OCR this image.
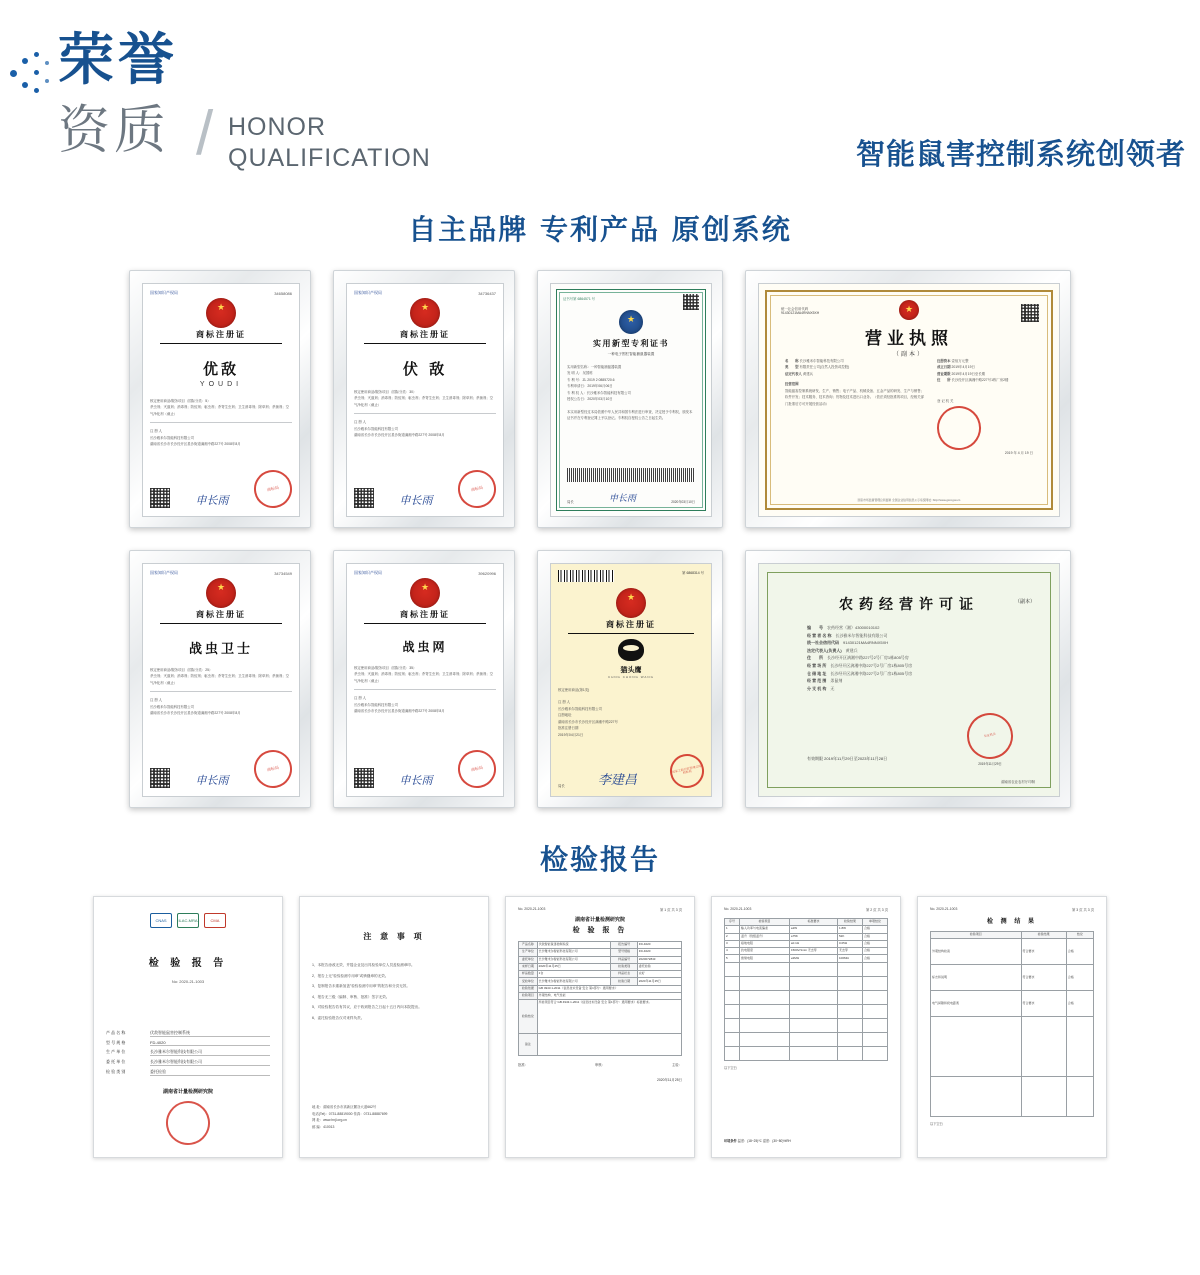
荣誉
资质 / HONOR
QUALIFICATION	智能鼠害控制系统创领者
自主品牌 专利产品 原创系统
国家知识产权局	34658086
★
商标注册证
优敌
YOUDI
核定使用商品/服务项目（国际分类：5）
杀虫剂；灭鼠剂；消毒剂；防蛀剂；驱虫剂；杀寄生虫剂；卫生消毒剂；除草剂；杀菌剂；空气净化剂（截止）
注 册 人
长沙雅米尔智能科技有限公司
湖南省长沙市长沙经开区星沙街道漓湘中路227号 2008年8月
申长雨
商标局
国家知识产权局	34736437
★
商标注册证
伏 敌
核定使用商品/服务项目（国际分类：30）
杀虫剂；灭鼠剂；消毒剂；防蛀剂；驱虫剂；杀寄生虫剂；卫生消毒剂；除草剂；杀菌剂；空气净化剂（截止）
注 册 人
长沙雅米尔智能科技有限公司
湖南省长沙市长沙经开区星沙街道漓湘中路227号 2008年8月
申长雨
商标局
证书号第 6864571 号
★
实用新型专利证书
一种电子围栏智能捕鼠器装置
实用新型名称：一种智能捕鼠器装置
发 明 人：吴国栋
专 利 号：ZL 2019 2 0885720.6
专利申请日：2019年06月06日
专 利 权 人：长沙雅米尔智能科技有限公司
授权公告日：2020年03月10日
本实用新型经过本局依照中华人民共和国专利法进行审查，决定授予专利权，颁发本证书并在专利登记簿上予以登记。专利权自授权公告之日起生效。
局长	申长雨	2020年03月10日
统一社会信用代码
91430121MA4RNNX5XH
★
营业执照
（副本）
名　　称 长沙雅米尔智能科技有限公司
类　　型 有限责任公司(自然人投资或控股)
法定代表人 黄建兵
经营范围
智能鼠害控制系统研发、生产、销售；电子产品、机械设备、五金产品的研发、生产与销售；软件开发；技术服务、技术咨询；货物及技术进出口业务。（依法须经批准的项目，经相关部门批准后方可开展经营活动）
注册资本 壹佰万元整
成立日期 2019年4月19日
营业期限 2019年4月19日至长期
住　　所 长沙经开区漓湘中路227号1栋厂房2楼
登 记 机 关

2019 年 4 月 19 日
国家市场监督管理总局监制 全国企业信用信息公示系统网址: http://www.gsxt.gov.cn
国家知识产权局	34734549
★
商标注册证
战虫卫士
核定使用商品/服务项目（国际分类：25）
杀虫剂；灭鼠剂；消毒剂；防蛀剂；驱虫剂；杀寄生虫剂；卫生消毒剂；除草剂；杀菌剂；空气净化剂（截止）
注 册 人
长沙雅米尔智能科技有限公司
湖南省长沙市长沙经开区星沙街道漓湘中路227号 2008年8月
申长雨
商标局
国家知识产权局	39620996
★
商标注册证
战虫网
核定使用商品/服务项目（国际分类：35）
杀虫剂；灭鼠剂；消毒剂；防蛀剂；驱虫剂；杀寄生虫剂；卫生消毒剂；除草剂；杀菌剂；空气净化剂（截止）
注 册 人
长沙雅米尔智能科技有限公司
湖南省长沙市长沙经开区星沙街道漓湘中路227号 2008年8月
申长雨
商标局
第 6868314 号
★
商标注册证
猫头鹰
CHNG CHONG WANG
核定使用商品(第1类)
注 册 人
长沙雅米尔智能科技有限公司
注册地址
湖南省长沙市长沙经开区漓湘中路227号
批准注册日期
2019年04月21日
局长	李建昌
国家工商行政管理总局商标局
农药经营许可证	（副本）
编　　号　 农药经营（湘）43000010102
经 营 者 名 称　 长沙雅米尔智能科技有限公司
统一社会信用代码　 91430121MA4RNNX5XH
法定代表人(负责人)　 黄建兵
住　　所　 长沙经开区漓湘中路227号2号厂房1栋805号房
经 营 场 所　 长沙经开区漓湘中路227号2号厂房1栋805号房
仓 储 地 址　 长沙经开区漓湘中路227号2号厂房1栋805号房
经 营 范 围　 杀鼠剂
分 支 机 构　 无
有效期限 2019年11月29日至2023年11月28日
发证机关
2019年11月29日
湖南省农业农村厅印制
检验报告
CNAS	ILAC-MRA	CMA
检 验 报 告
No: 2020-21-1003
产 品 名 称	伏敌智能鼠害控制系统
型 号 规 格	FD-4020
生 产 单 位	长沙雅米尔智能科技有限公司
委 托 单 位	长沙雅米尔智能科技有限公司
检 验 类 别	委托检验
湖南省计量检测研究院

注 意 事 项
1、本报告涂改无效，并摇企业及出具检验单位人员盖检测章印。
2、报告上无"检验检测专用章"或骑缝章的无效。
3、复制报告未重新加盖"检验检测专用章"的报告和分页无效。
4、报告无三级（编制、审核、批准）签字无效。
5、对检验报告若有异议，应于收到报告之日起十五日内向本院提出。
6、委托检验报告仅对来样负责。
地 址：湖南省长沙市高新区麓谷大道662号
电话(Tel)：0731-88819000 传真：0731-88887699
网 址：www.hnjl.org.cn
邮 编：410013
No. 2020-21-1003	第 1 页 共 3 页
湖南省计量检测研究院
检 验 报 告
产品名称	伏敌智能鼠害控制系统	报告编号	FD-4020
生产单位	长沙雅米尔智能科技有限公司	型号规格	FD-4020
委托单位	长沙雅米尔智能科技有限公司	样品编号	2020072843
来样日期	2020年11月25日	检验类别	委托检验
样品数量	1台	样品状态	完好
受检单位	长沙雅米尔智能科技有限公司	检验日期	2020年11月25日
检验依据	GB 4943.1-2011《信息技术设备 安全 第1部分：通用要求》		
检验项目	外观结构、电气性能		
检验结论	所检项目符合 GB 4943.1-2011《信息技术设备 安全 第1部分：通用要求》标准要求。		
备注			
批准：	审核：	主检：
2020年11月25日
No. 2020-21-1003	第 2 页 共 3 页
序号	检验项目	标准要求	检验结果	单项结论
1	输入功率与电流偏差	≤2W	1.8W	合格
2	温升（绕组温升）	≤75K	52K	合格
3	接地电阻	≤0.1Ω	0.05Ω	合格
4	抗电强度	1500V/1min 无击穿	无击穿	合格
5	绝缘电阻	≥2MΩ	100MΩ	合格

以下空白
环境条件 温度：(18~25)℃ 湿度：(30~80)%RH
No. 2020-21-1003	第 3 页 共 3 页
检 测 结 果
检验项目	检验结果	结论
外观结构检查	符合要求	合格
标志和说明	符合要求	合格
电气间隙和爬电距离	符合要求	合格

以下空白
